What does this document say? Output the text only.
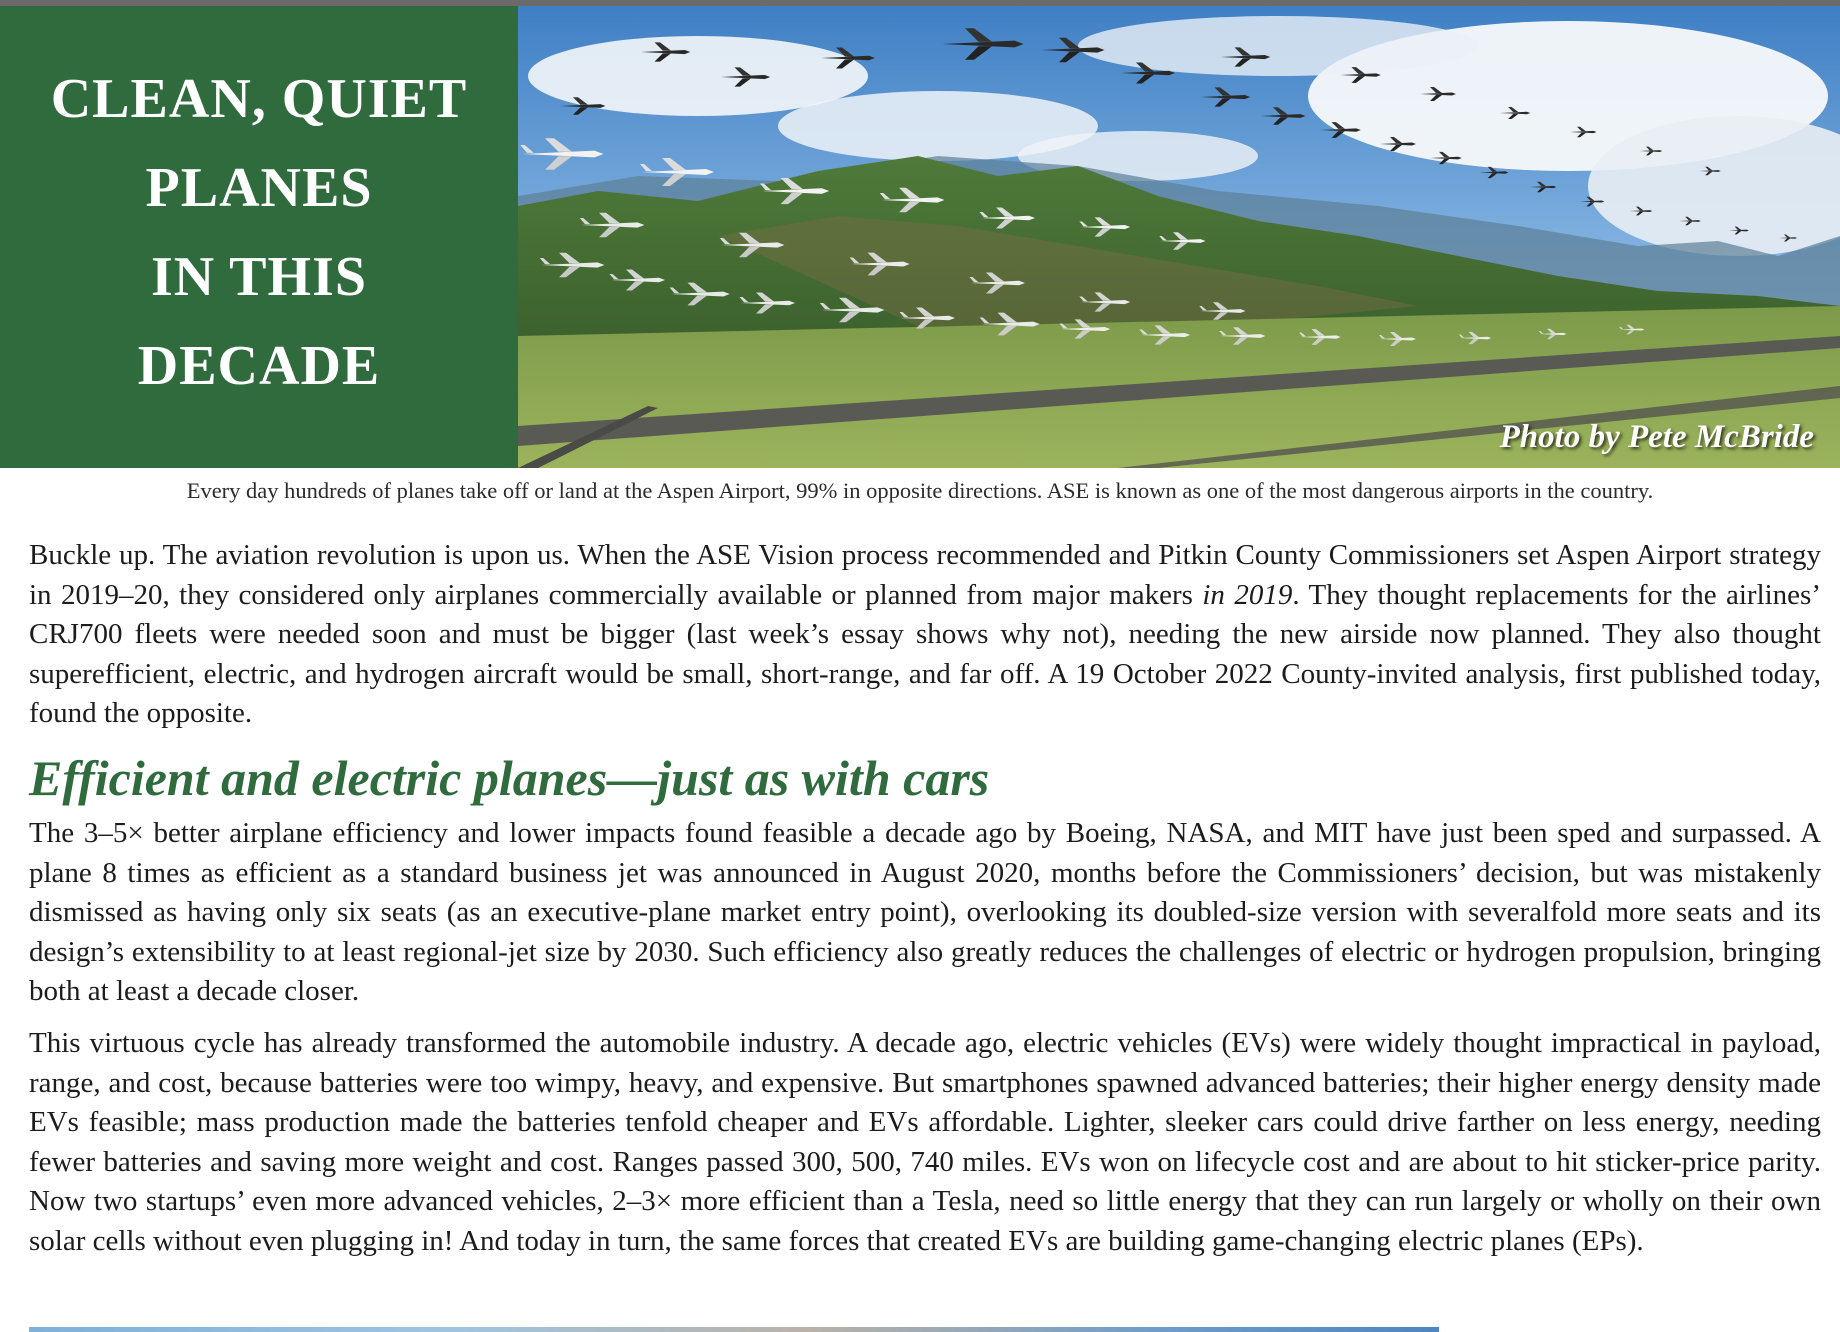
CLEAN, QUIET
PLANES
IN THIS
DECADE
Photo by Pete McBride
Every day hundreds of planes take off or land at the Aspen Airport, 99% in opposite directions. ASE is known as one of the most dangerous airports in the country.

Buckle up. The aviation revolution is upon us. When the ASE Vision process recommended and Pitkin County Commissioners set Aspen Airport strategy in 2019–20, they considered only airplanes commercially available or planned from major makers in 2019. They thought replacements for the airlines’ CRJ700 fleets were needed soon and must be bigger (last week’s essay shows why not), needing the new airside now planned. They also thought superefficient, electric, and hydrogen aircraft would be small, short-range, and far off. A 19 October 2022 County-invited analysis, first published today, found the opposite.

Efficient and electric planes—just as with cars

The 3–5× better airplane efficiency and lower impacts found feasible a decade ago by Boeing, NASA, and MIT have just been sped and surpassed. A plane 8 times as efficient as a standard business jet was announced in August 2020, months before the Commissioners’ decision, but was mistakenly dismissed as having only six seats (as an executive-plane market entry point), overlooking its doubled-size version with severalfold more seats and its design’s extensibility to at least regional-jet size by 2030. Such efficiency also greatly reduces the challenges of electric or hydrogen propulsion, bringing both at least a decade closer.

This virtuous cycle has already transformed the automobile industry. A decade ago, electric vehicles (EVs) were widely thought impractical in payload, range, and cost, because batteries were too wimpy, heavy, and expensive. But smartphones spawned advanced batteries; their higher energy density made EVs feasible; mass production made the batteries tenfold cheaper and EVs affordable. Lighter, sleeker cars could drive farther on less energy, needing fewer batteries and saving more weight and cost. Ranges passed 300, 500, 740 miles. EVs won on lifecycle cost and are about to hit sticker-price parity. Now two startups’ even more advanced vehicles, 2–3× more efficient than a Tesla, need so little energy that they can run largely or wholly on their own solar cells without even plugging in! And today in turn, the same forces that created EVs are building game-changing electric planes (EPs).
